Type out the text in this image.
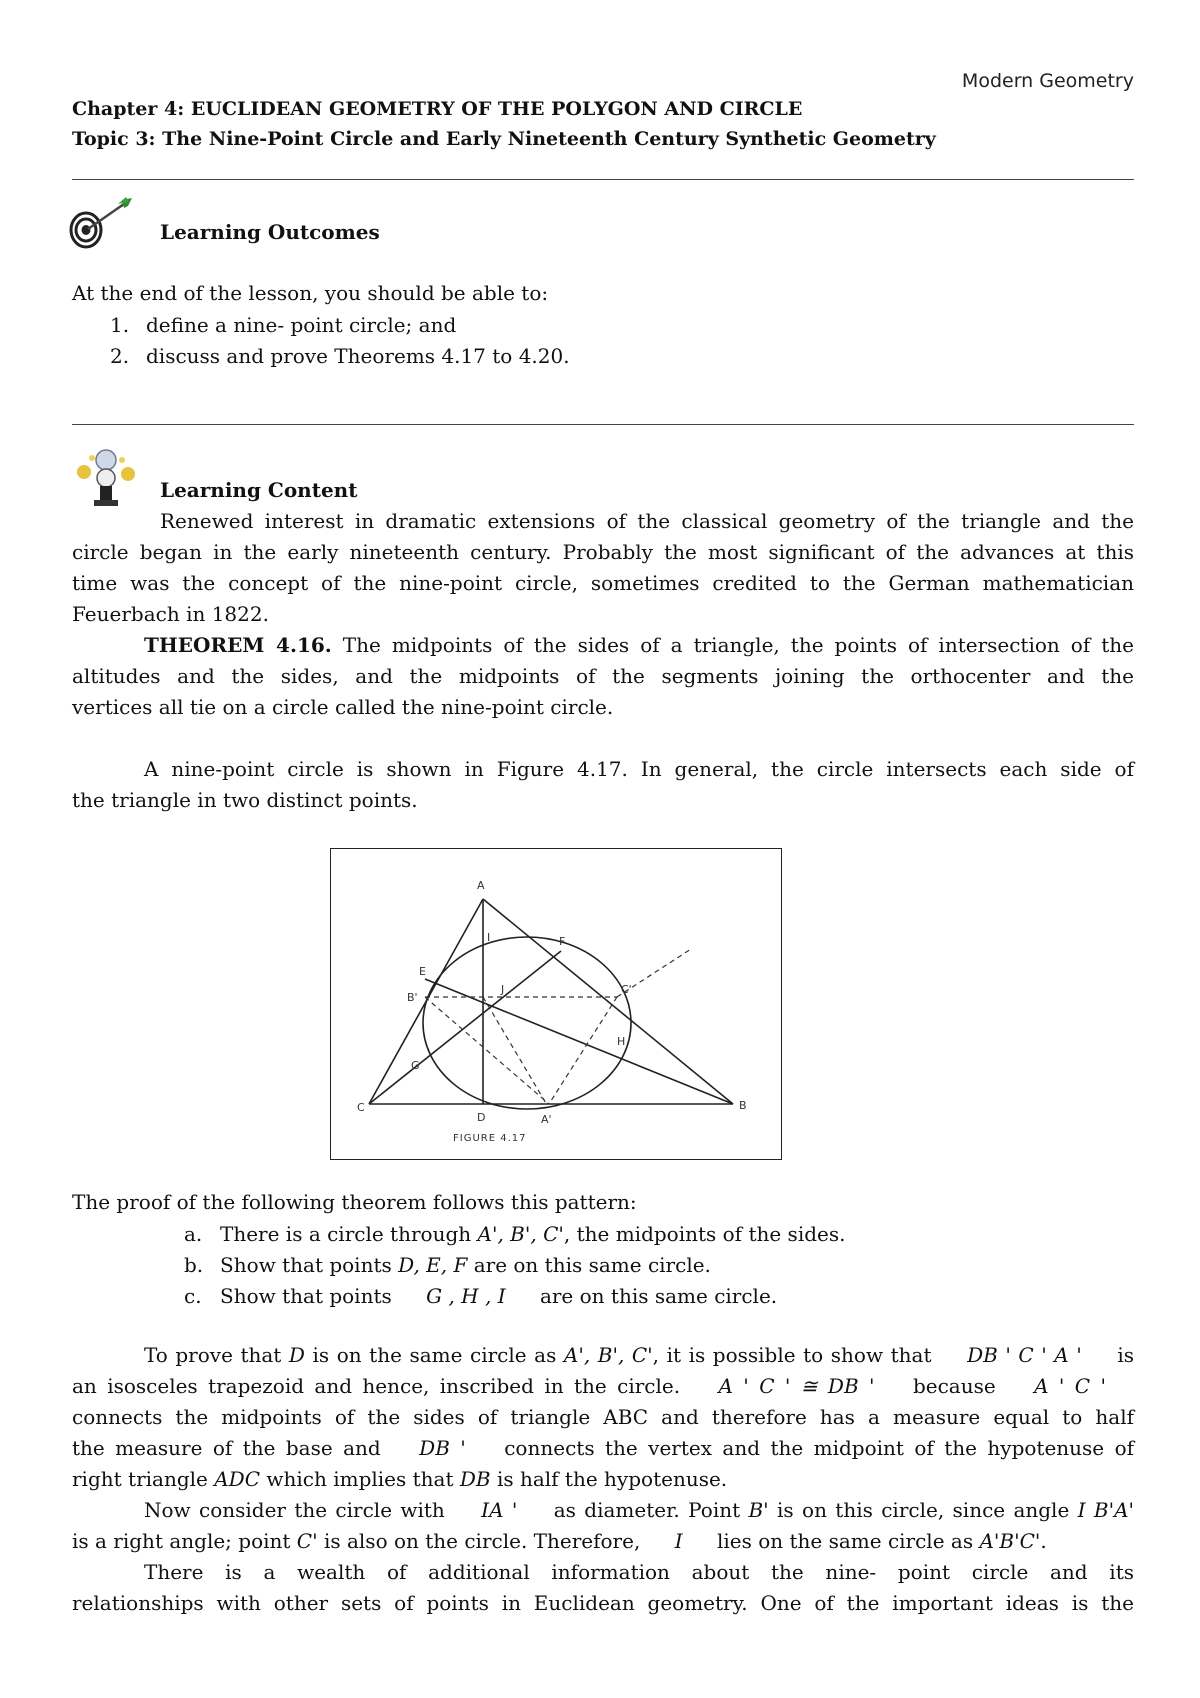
Modern Geometry
Chapter 4: EUCLIDEAN GEOMETRY OF THE POLYGON AND CIRCLE
Topic 3: The Nine-Point Circle and Early Nineteenth Century Synthetic Geometry
Learning Outcomes
At the end of the lesson, you should be able to:
1. define a nine- point circle; and
2. discuss and prove Theorems 4.17 to 4.20.
Learning Content
Renewed interest in dramatic extensions of the classical geometry of the triangle and the
circle began in the early nineteenth century. Probably the most significant of the advances at this
time was the concept of the nine-point circle, sometimes credited to the German mathematician
Feuerbach in 1822.
THEOREM 4.16. The midpoints of the sides of a triangle, the points of intersection of the
altitudes and the sides, and the midpoints of the segments joining the orthocenter and the
vertices all tie on a circle called the nine-point circle.
A nine-point circle is shown in Figure 4.17. In general, the circle intersects each side of
the triangle in two distinct points.
A
B
C
D
E
F
G
H
I
J
A'
B'
C'
FIGURE 4.17
The proof of the following theorem follows this pattern:
a. There is a circle through A', B', C', the midpoints of the sides.
b. Show that points D, E, F are on this same circle.
c. Show that points G , H , I are on this same circle.
To prove that D is on the same circle as A', B', C', it is possible to show that DB ' C ' A ' is
an isosceles trapezoid and hence, inscribed in the circle. A ' C ' ≅ DB ' because A ' C '
connects the midpoints of the sides of triangle ABC and therefore has a measure equal to half
the measure of the base and DB ' connects the vertex and the midpoint of the hypotenuse of
right triangle ADC which implies that DB is half the hypotenuse.
Now consider the circle with IA ' as diameter. Point B' is on this circle, since angle I B'A'
is a right angle; point C' is also on the circle. Therefore, I lies on the same circle as A'B'C'.
There is a wealth of additional information about the nine- point circle and its
relationships with other sets of points in Euclidean geometry. One of the important ideas is the
